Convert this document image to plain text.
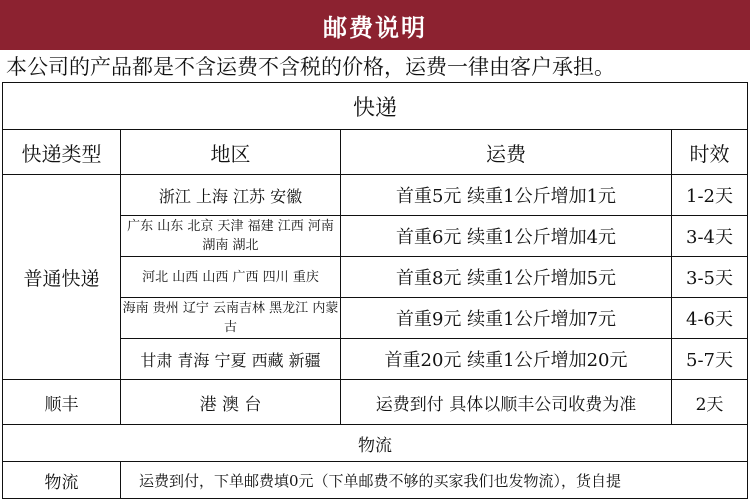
邮费说明
本公司的产品都是不含运费不含税的价格，运费一律由客户承担。
快递			
快递类型	地区	运费	时效
普通快递	浙江 上海 江苏 安徽	首重5元 续重1公斤增加1元	1-2天
	广东 山东 北京 天津 福建 江西 河南 湖南 湖北	首重6元 续重1公斤增加4元	3-4天
	河北 山西 山西 广西 四川 重庆	首重8元 续重1公斤增加5元	3-5天
	海南 贵州 辽宁 云南吉林 黑龙江 内蒙古	首重9元 续重1公斤增加7元	4-6天
	甘肃 青海 宁夏 西藏 新疆	首重20元 续重1公斤增加20元	5-7天
顺丰	港 澳 台	运费到付 具体以顺丰公司收费为准	2天
物流			
物流	运费到付，下单邮费填0元（下单邮费不够的买家我们也发物流），货自提		
